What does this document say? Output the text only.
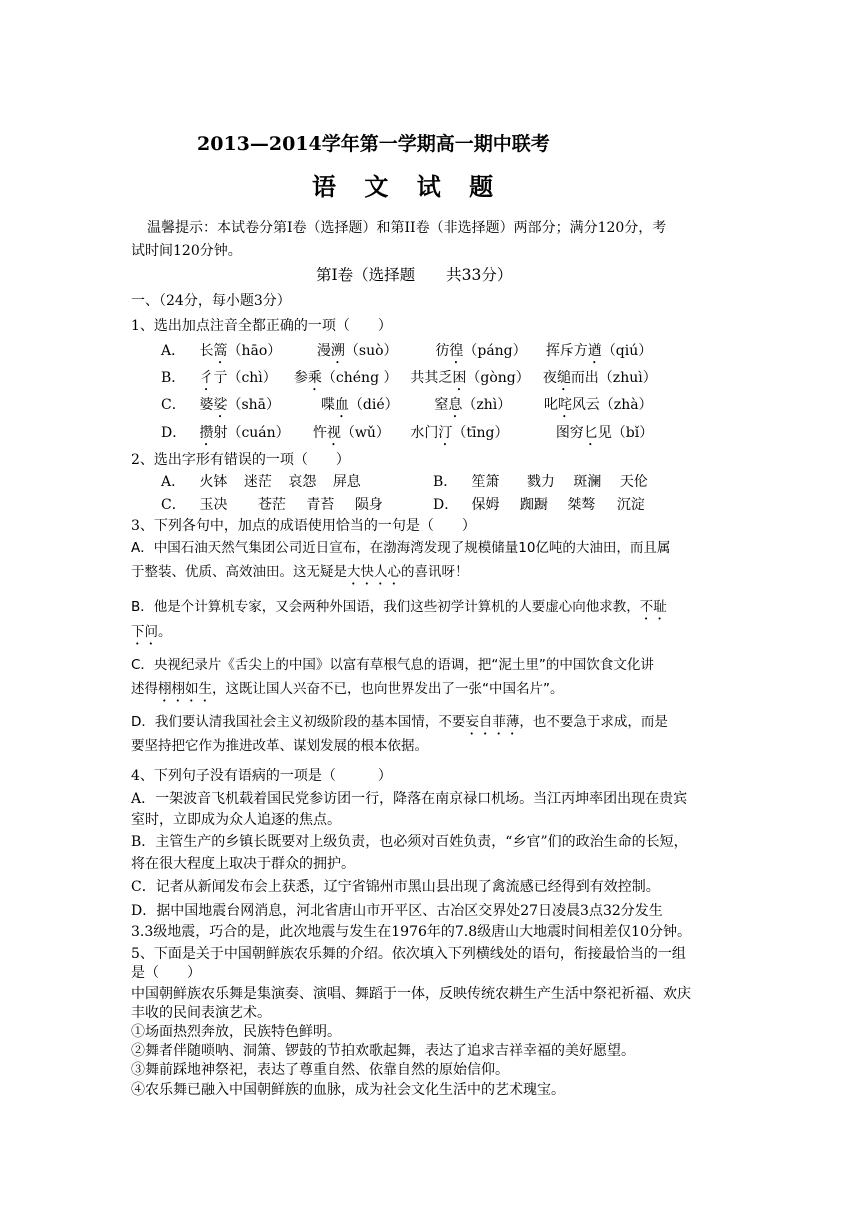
2013—2014学年第一学期高一期中联考
语 文 试 题
温馨提示：本试卷分第I卷（选择题）和第II卷（非选择题）两部分；满分120分，考
试时间120分钟。
第I卷（选择题　　共33分）
一、（24分，每小题3分）
1、选出加点注音全都正确的一项（　　）
A． 长篙（hāo）	漫溯（suò）	彷徨（páng） 挥斥方遒（qiú）
B． 彳亍（chì） 参乘（chéng ） 共其乏困（gòng） 夜缒而出（zhuì）
C． 婆娑（shā）	喋血（dié）	窒息（zhì） 叱咤风云（zhà）
D． 攒射（cuán） 忤视（wǔ） 水门汀（tīng）	图穷匕见（bǐ）
2、选出字形有错误的一项（　　）
A． 火钵 迷茫 哀怨 屏息	B． 笙箫 戮力 斑澜 天伦
C． 玉决 苍茫 青苔 陨身	D． 保姆 踟蹰 桀骜 沉淀
3、下列各句中，加点的成语使用恰当的一句是（　　）
A．中国石油天然气集团公司近日宣布，在渤海湾发现了规模储量10亿吨的大油田，而且属
于整装、优质、高效油田。这无疑是大快人心的喜讯呀！
B．他是个计算机专家，又会两种外国语，我们这些初学计算机的人要虚心向他求教，不耻
下问。
C．央视纪录片《舌尖上的中国》以富有草根气息的语调，把“泥土里”的中国饮食文化讲
述得栩栩如生，这既让国人兴奋不已，也向世界发出了一张“中国名片”。
D．我们要认清我国社会主义初级阶段的基本国情，不要妄自菲薄，也不要急于求成，而是
要坚持把它作为推进改革、谋划发展的根本依据。
4、下列句子没有语病的一项是（　　　）
A．一架波音飞机载着国民党参访团一行，降落在南京禄口机场。当江丙坤率团出现在贵宾
室时，立即成为众人追逐的焦点。
B．主管生产的乡镇长既要对上级负责，也必须对百姓负责，“乡官”们的政治生命的长短，
将在很大程度上取决于群众的拥护。
C．记者从新闻发布会上获悉，辽宁省锦州市黑山县出现了禽流感已经得到有效控制。
D．据中国地震台网消息，河北省唐山市开平区、古冶区交界处27日凌晨3点32分发生
3.3级地震，巧合的是，此次地震与发生在1976年的7.8级唐山大地震时间相差仅10分钟。
5、下面是关于中国朝鲜族农乐舞的介绍。依次填入下列横线处的语句，衔接最恰当的一组
是（　　）
中国朝鲜族农乐舞是集演奏、演唱、舞蹈于一体，反映传统农耕生产生活中祭祀祈福、欢庆
丰收的民间表演艺术。
①场面热烈奔放，民族特色鲜明。
②舞者伴随唢呐、洞箫、锣鼓的节拍欢歌起舞，表达了追求吉祥幸福的美好愿望。
③舞前踩地神祭祀，表达了尊重自然、依靠自然的原始信仰。
④农乐舞已融入中国朝鲜族的血脉，成为社会文化生活中的艺术瑰宝。
